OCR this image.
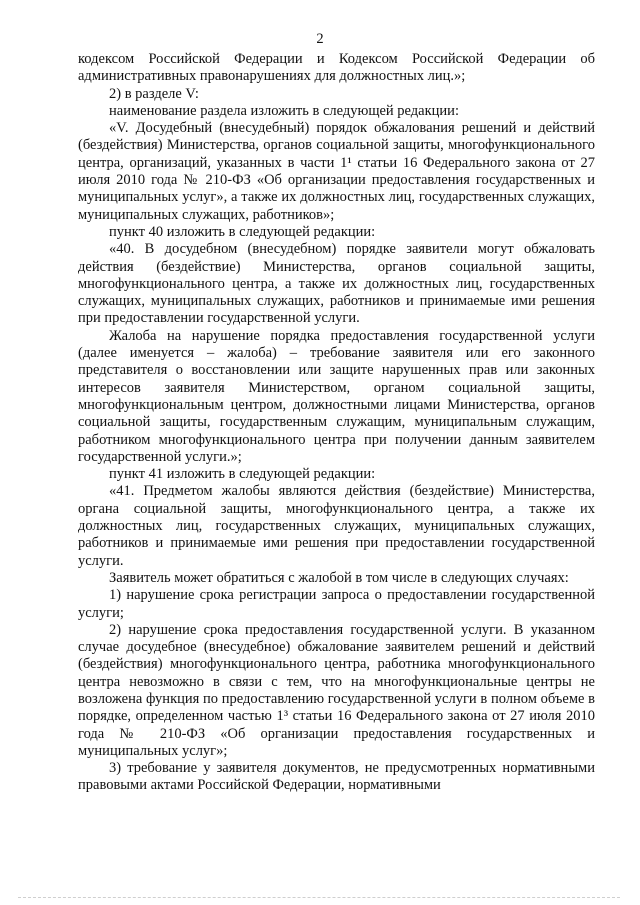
2

кодексом Российской Федерации и Кодексом Российской Федерации об административных правонарушениях для должностных лиц.»;

2) в разделе V:

наименование раздела изложить в следующей редакции:

«V. Досудебный (внесудебный) порядок обжалования решений и действий (бездействия) Министерства, органов социальной защиты, многофункционального центра, организаций, указанных в части 1¹ статьи 16 Федерального закона от 27 июля 2010 года № 210-ФЗ «Об организации предоставления государственных и муниципальных услуг», а также их должностных лиц, государственных служащих, муниципальных служащих, работников»;

пункт 40 изложить в следующей редакции:

«40. В досудебном (внесудебном) порядке заявители могут обжаловать действия (бездействие) Министерства, органов социальной защиты, многофункционального центра, а также их должностных лиц, государственных служащих, муниципальных служащих, работников и принимаемые ими решения при предоставлении государственной услуги.

Жалоба на нарушение порядка предоставления государственной услуги (далее именуется – жалоба) – требование заявителя или его законного представителя о восстановлении или защите нарушенных прав или законных интересов заявителя Министерством, органом социальной защиты, многофункциональным центром, должностными лицами Министерства, органов социальной защиты, государственным служащим, муниципальным служащим, работником многофункционального центра при получении данным заявителем государственной услуги.»;

пункт 41 изложить в следующей редакции:

«41. Предметом жалобы являются действия (бездействие) Министерства, органа социальной защиты, многофункционального центра, а также их должностных лиц, государственных служащих, муниципальных служащих, работников и принимаемые ими решения при предоставлении государственной услуги.

Заявитель может обратиться с жалобой в том числе в следующих случаях:

1) нарушение срока регистрации запроса о предоставлении государственной услуги;

2) нарушение срока предоставления государственной услуги. В указанном случае досудебное (внесудебное) обжалование заявителем решений и действий (бездействия) многофункционального центра, работника многофункционального центра невозможно в связи с тем, что на многофункциональные центры не возложена функция по предоставлению государственной услуги в полном объеме в порядке, определенном частью 1³ статьи 16 Федерального закона от 27 июля 2010 года № 210-ФЗ «Об организации предоставления государственных и муниципальных услуг»;

3) требование у заявителя документов, не предусмотренных нормативными правовыми актами Российской Федерации, нормативными
